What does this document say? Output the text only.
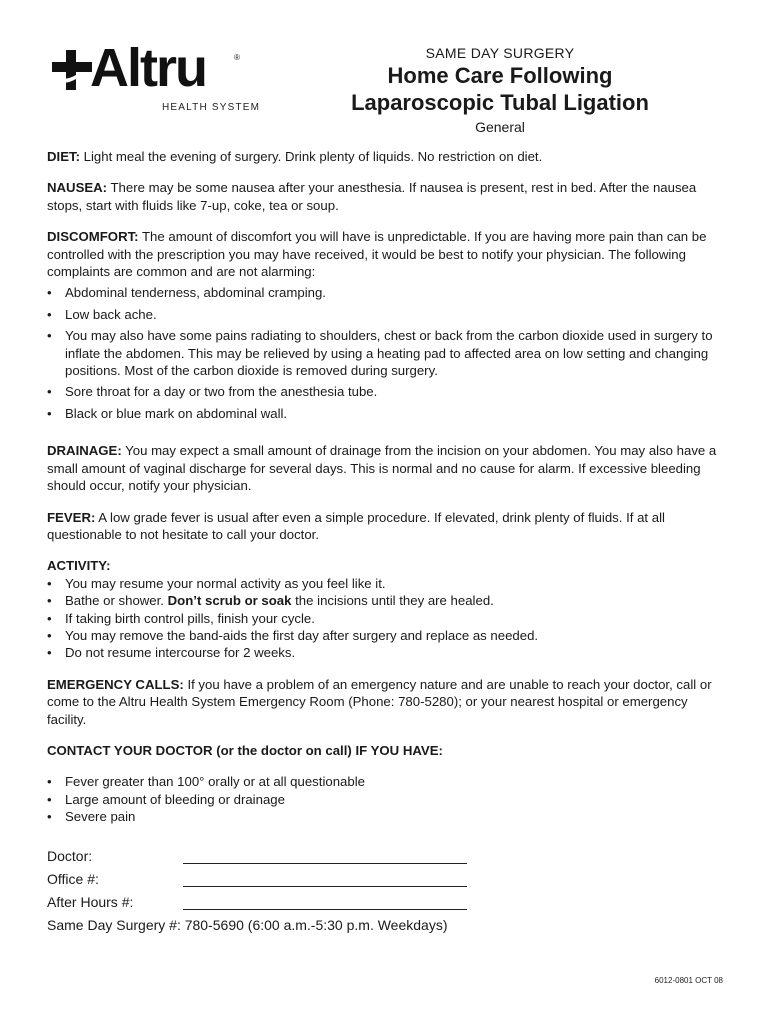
Altru	®
HEALTH SYSTEM
SAME DAY SURGERY
Home Care Following
Laparoscopic Tubal Ligation
General

DIET: Light meal the evening of surgery. Drink plenty of liquids. No restriction on diet.

NAUSEA: There may be some nausea after your anesthesia. If nausea is present, rest in bed. After the nausea stops, start with fluids like 7-up, coke, tea or soup.

DISCOMFORT: The amount of discomfort you will have is unpredictable. If you are having more pain than can be controlled with the prescription you may have received, it would be best to notify your physician. The following complaints are common and are not alarming:

• Abdominal tenderness, abdominal cramping.
• Low back ache.
• You may also have some pains radiating to shoulders, chest or back from the carbon dioxide used in surgery to inflate the abdomen. This may be relieved by using a heating pad to affected area on low setting and changing positions. Most of the carbon dioxide is removed during surgery.
• Sore throat for a day or two from the anesthesia tube.
• Black or blue mark on abdominal wall.

DRAINAGE: You may expect a small amount of drainage from the incision on your abdomen. You may also have a small amount of vaginal discharge for several days. This is normal and no cause for alarm. If excessive bleeding should occur, notify your physician.

FEVER: A low grade fever is usual after even a simple procedure. If elevated, drink plenty of fluids. If at all questionable to not hesitate to call your doctor.

ACTIVITY:
• You may resume your normal activity as you feel like it.
• Bathe or shower. Don’t scrub or soak the incisions until they are healed.
• If taking birth control pills, finish your cycle.
• You may remove the band-aids the first day after surgery and replace as needed.
• Do not resume intercourse for 2 weeks.

EMERGENCY CALLS: If you have a problem of an emergency nature and are unable to reach your doctor, call or come to the Altru Health System Emergency Room (Phone: 780-5280); or your nearest hospital or emergency facility.

CONTACT YOUR DOCTOR (or the doctor on call) IF YOU HAVE:
• Fever greater than 100° orally or at all questionable
• Large amount of bleeding or drainage
• Severe pain
Doctor:
Office #:
After Hours #:
Same Day Surgery #: 780-5690 (6:00 a.m.-5:30 p.m. Weekdays)
6012-0801 OCT 08
